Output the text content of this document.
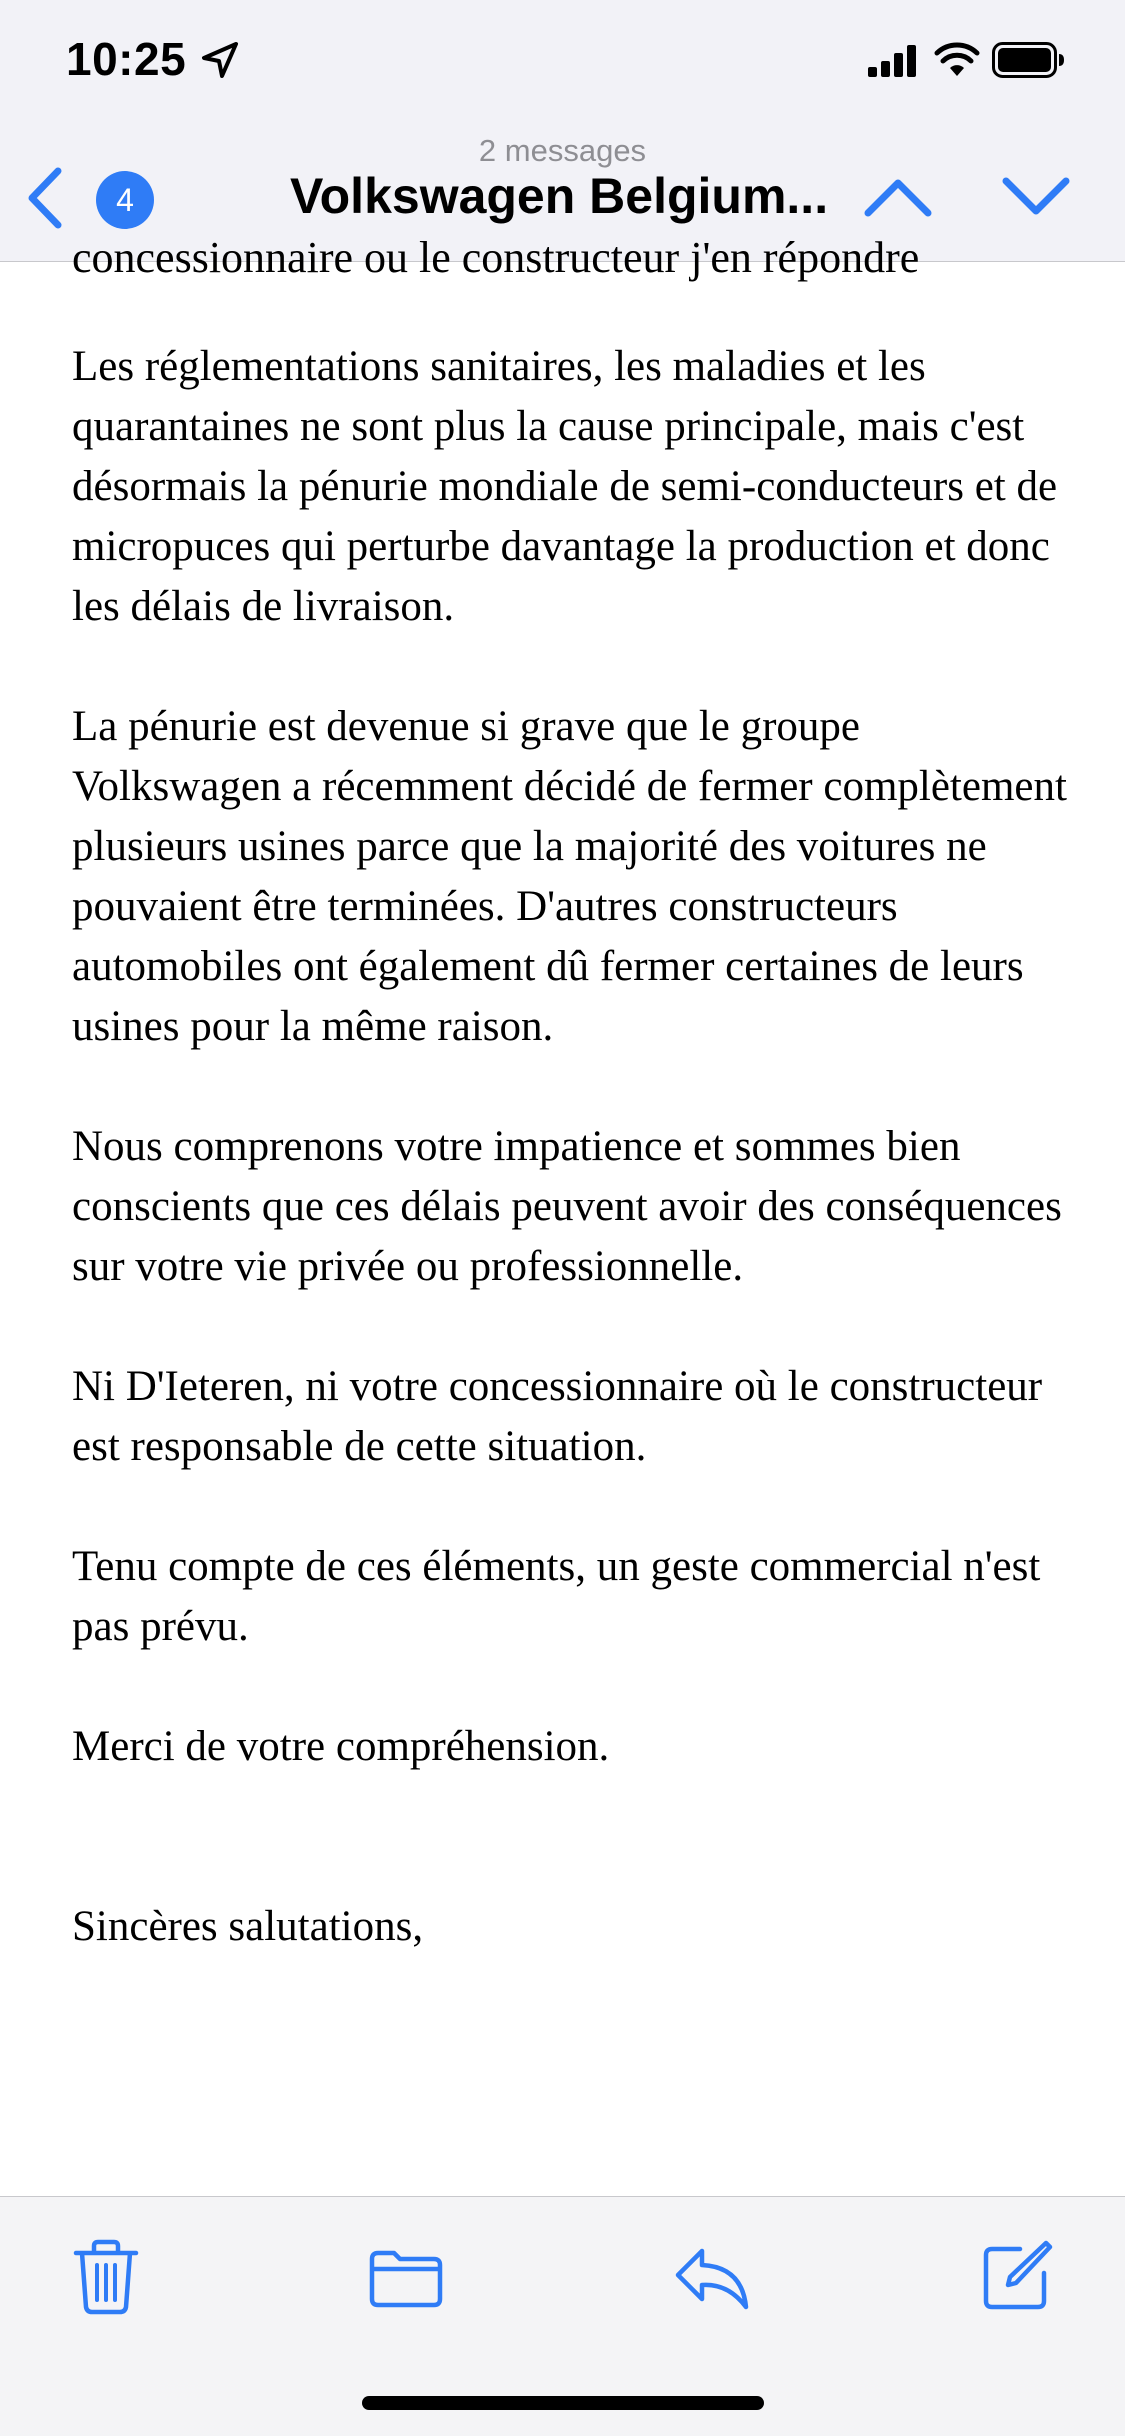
10:25
4
2 messages
Volkswagen Belgium...
concessionnaire ou le constructeur j'en répondre

Les réglementations sanitaires, les maladies et les quarantaines ne sont plus la cause principale, mais c'est désormais la pénurie mondiale de semi-conducteurs et de micropuces qui perturbe davantage la production et donc les délais de livraison.

La pénurie est devenue si grave que le groupe Volkswagen a récemment décidé de fermer complètement plusieurs usines parce que la majorité des voitures ne pouvaient être terminées. D'autres constructeurs automobiles ont également dû fermer certaines de leurs usines pour la même raison.

Nous comprenons votre impatience et sommes bien conscients que ces délais peuvent avoir des conséquences sur votre vie privée ou professionnelle.

Ni D'Ieteren, ni votre concessionnaire où le constructeur est responsable de cette situation.

Tenu compte de ces éléments, un geste commercial n'est pas prévu.

Merci de votre compréhension.

Sincères salutations,
